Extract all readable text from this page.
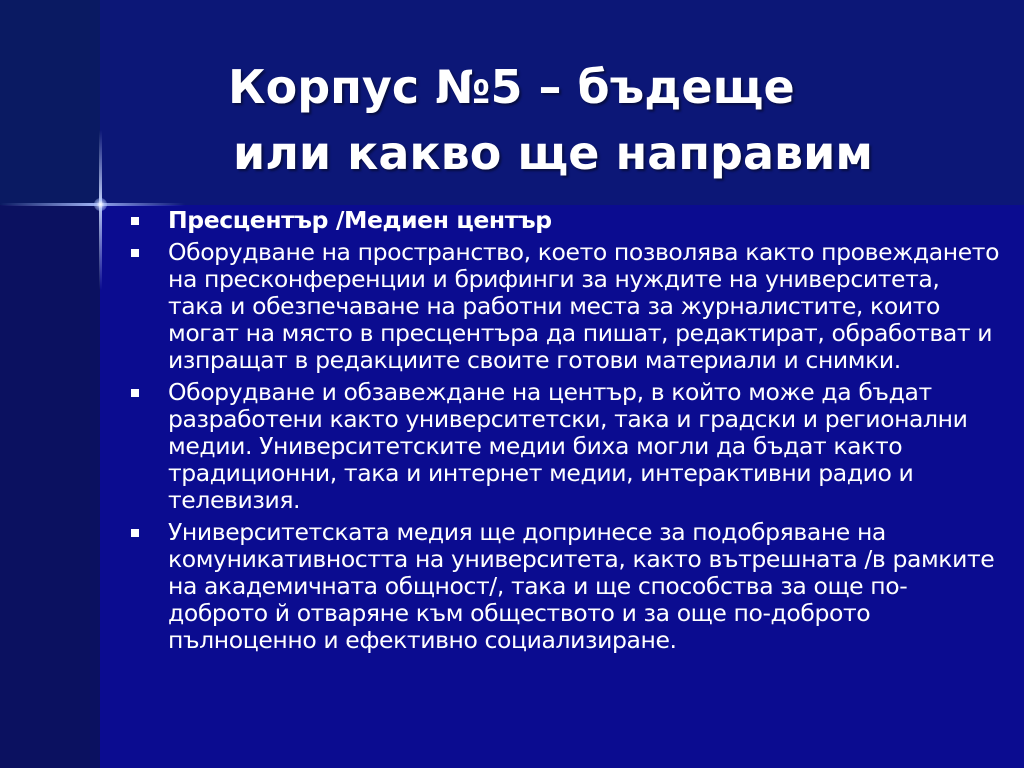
Корпус №5 – бъдеще
или какво ще направим
Пресцентър /Медиен център
Оборудване на пространство, което позволява както провеждането на пресконференции и брифинги за нуждите на университета, така и обезпечаване на работни места за журналистите, които могат на място в пресцентъра да пишат, редактират, обработват и изпращат в редакциите своите готови материали и снимки.
Оборудване и обзавеждане на център, в който може да бъдат разработени както университетски, така и градски и регионални медии. Университетските медии биха могли да бъдат както традиционни, така и интернет медии, интерактивни радио и телевизия.
Университетската медия ще допринесе за подобряване на комуникативността на университета, както вътрешната /в рамките на академичната общност/, така и ще способства за още по-доброто й отваряне към обществото и за още по-доброто пълноценно и ефективно социализиране.
